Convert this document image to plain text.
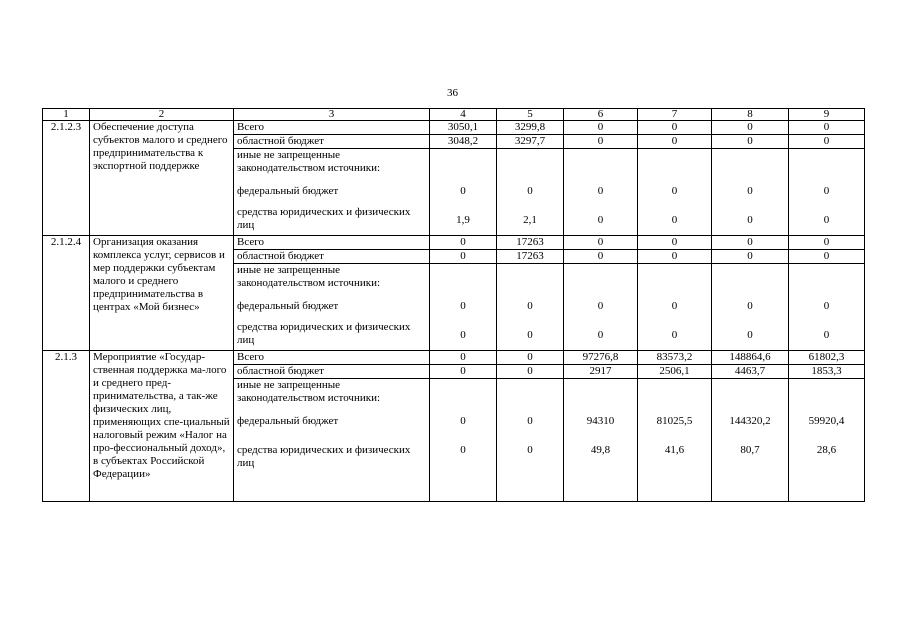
36
1	2	3	4	5	6	7	8	9
2.1.2.3	Обеспечение доступа субъектов малого и среднего предпринимательства к экспортной поддержке	Всего	3050,1	3299,8	0	0	0	0
		областной бюджет	3048,2	3297,7	0	0	0	0
		иные не запрещенные законодательством источники:						
		федеральный бюджет	0	0	0	0	0	0
		средства юридических и физических лиц	1,9	2,1	0	0	0	0
2.1.2.4	Организация оказания комплекса услуг, сервисов и мер поддержки субъектам малого и среднего предпринимательства в центрах «Мой бизнес»	Всего	0	17263	0	0	0	0
		областной бюджет	0	17263	0	0	0	0
		иные не запрещенные законодательством источники:						
		федеральный бюджет	0	0	0	0	0	0
		средства юридических и физических лиц	0	0	0	0	0	0
2.1.3	Мероприятие «Государ-ственная поддержка ма-лого и среднего пред-принимательства, а так-же физических лиц, применяющих спе-циальный налоговый режим «Налог на про-фессиональный доход», в субъектах Российской Федерации»	Всего	0	0	97276,8	83573,2	148864,6	61802,3
		областной бюджет	0	0	2917	2506,1	4463,7	1853,3
		иные не запрещенные законодательством источники:						
		федеральный бюджет	0	0	94310	81025,5	144320,2	59920,4
		средства юридических и физических лиц	0	0	49,8	41,6	80,7	28,6
